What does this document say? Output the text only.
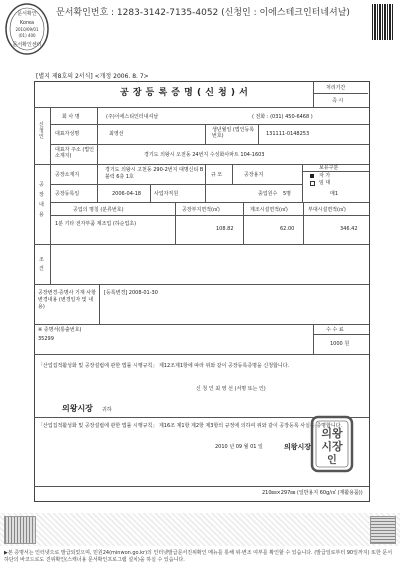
문서확인번호 : 1283-3142-7135-4052 (신청인 : 이에스테크인터네셔날)
문서확인
Korea
2010/09/01
(01) 400
문서확인센터
[별지 제8호의 2서식] <개정 2006. 8. 7>
공 장 등 록 증 명 ( 신 청 ) 서	처리기간
즉 시
신청인
회 사 명	(주)이에스티인터내셔날	( 전화 : (031) 450-6468 )
대표자성명	최영선
생년월일 (법인등록번호)	131111-0148253
대표자 주소 (법인소재지)	경기도 의왕시 오전동 24번지 수성화사파트 104-1603
공장내용
공장소재지
경기도 의왕시 고천동 290-2번지 대명신티 B블럭 6층 1호	규 모	공장용지
보유구분
자 가
임 대
공장등록일	2006-04-18	사업자직원	종업원수 5명	매1
공업의 명칭 (분류번호)	공장부지면적(㎡)	제조시설면적(㎡)	부대시설면적(㎡)
1분 기타 전자부품 제조업 (하순업초)
108.82	62.00	346.42
조 건
공장변경·증명사 기재 사항 변경내용 (변경일자 및 내용)
[등록변경] 2008-01-30
※ 증명서(통출번호)
35299
수 수 료
1000 원
「산업집적활성화 및 공장설립에 관한 법률 시행규칙」 제12조제1항에 따라 위와 같이 공장등록증명을 신청합니다.
신 청 인 최 영 선 (서명 또는 인)
의왕시장 귀하
「산업집적활성화 및 공장설립에 관한 법률 시행규칙」 제16조 제1항 제2항 제3항의 규정에 의하여 위와 같이 공장등록 사실을 증명합니다.
2010 년 09 월 01 일	의왕시장
의왕
시장
인
210㎜×297㎜ (일반용지 60g/㎡ (재활용품))
▶본 증명서는 인터넷으로 발급되었으며, 민원24(minwon.go.kr)의 인터넷발급문서진위확인 메뉴를 통해 위·변조 여부를 확인할 수 있습니다. (발급일로부터 90일까지) 또한 문서하단의 바코드로도 진위확인(스캐너용 문서확인프로그램 설치)을 하실 수 있습니다.
